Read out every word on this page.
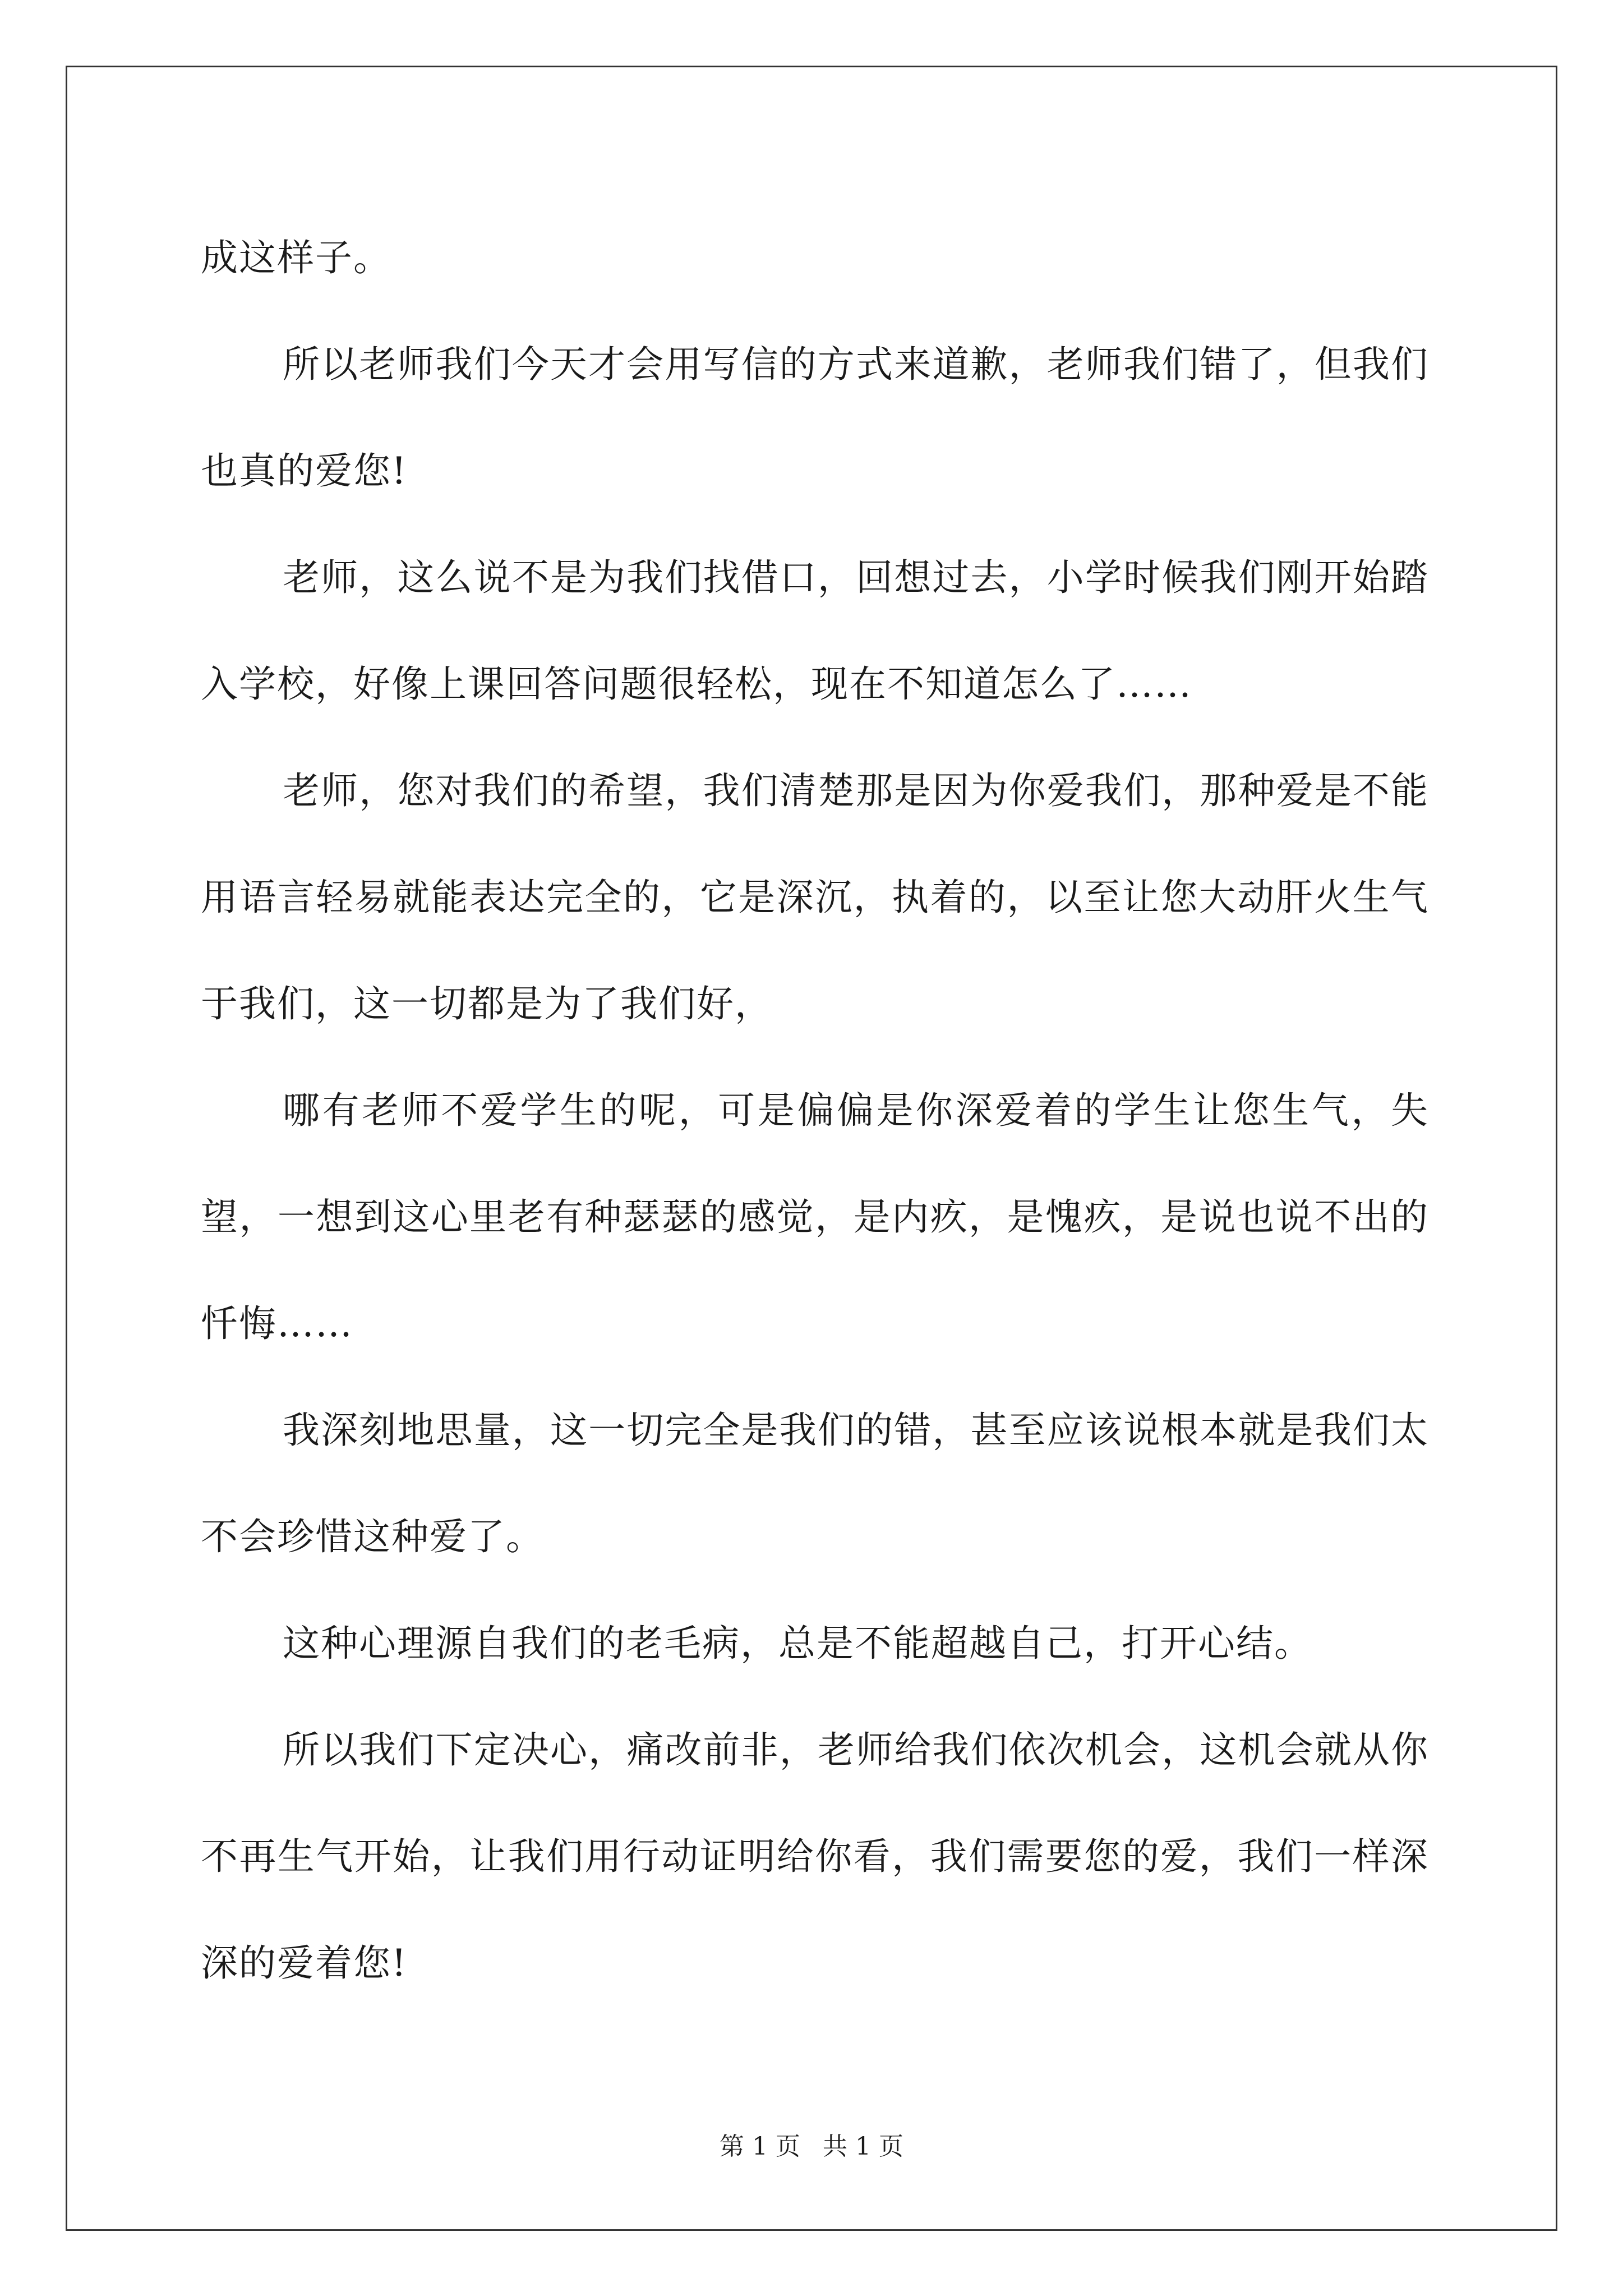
成这样子。

所以老师我们今天才会用写信的方式来道歉，老师我们错了，但我们也真的爱您!

老师，这么说不是为我们找借口，回想过去，小学时候我们刚开始踏入学校，好像上课回答问题很轻松，现在不知道怎么了……

老师，您对我们的希望，我们清楚那是因为你爱我们，那种爱是不能用语言轻易就能表达完全的，它是深沉，执着的，以至让您大动肝火生气于我们，这一切都是为了我们好，

哪有老师不爱学生的呢，可是偏偏是你深爱着的学生让您生气，失望，一想到这心里老有种瑟瑟的感觉，是内疚，是愧疚，是说也说不出的忏悔……

我深刻地思量，这一切完全是我们的错，甚至应该说根本就是我们太不会珍惜这种爱了。

这种心理源自我们的老毛病，总是不能超越自己，打开心结。

所以我们下定决心，痛改前非，老师给我们依次机会，这机会就从你不再生气开始，让我们用行动证明给你看，我们需要您的爱，我们一样深深的爱着您!

第 1 页 共 1 页
